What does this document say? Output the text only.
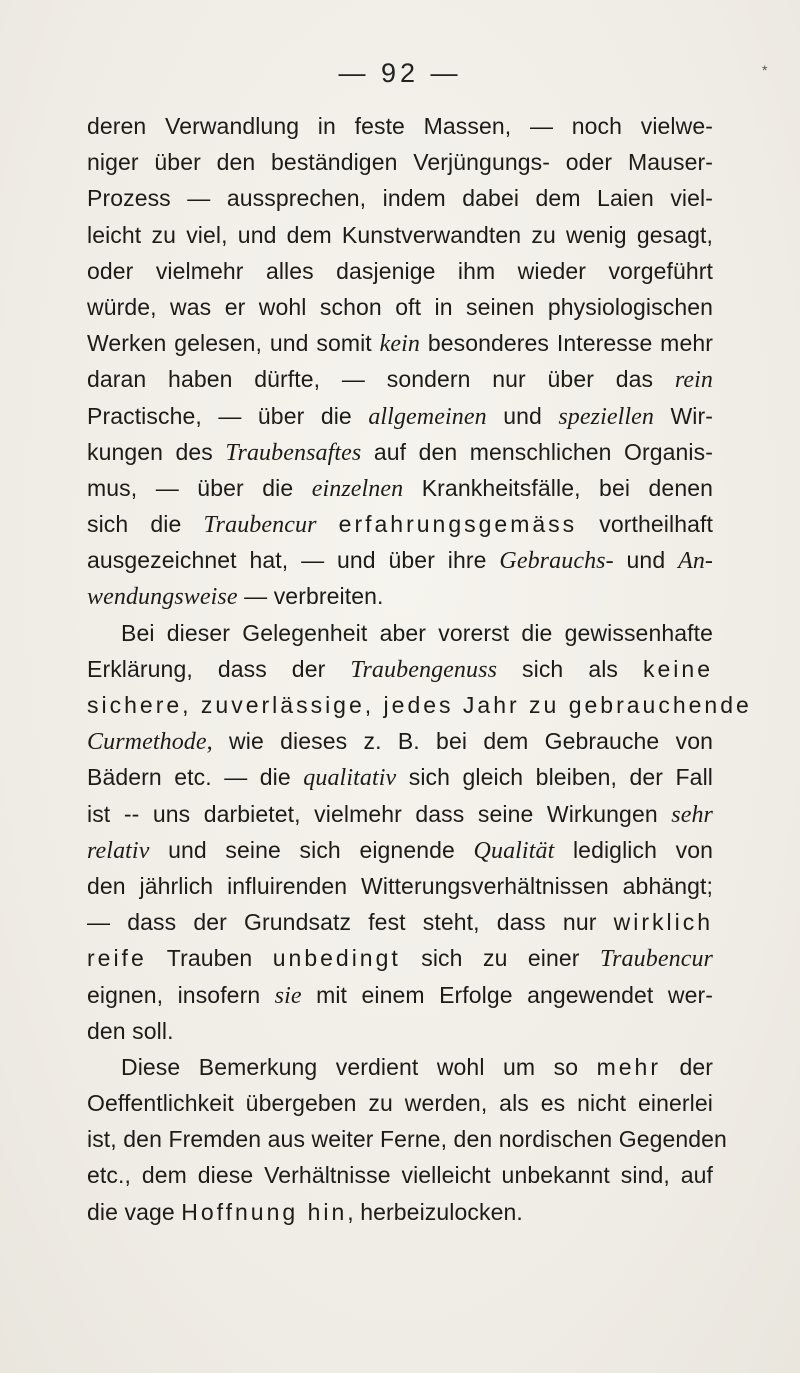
— 92 —	*
deren Verwandlung in feste Massen, — noch vielwe-
niger über den beständigen Verjüngungs- oder Mauser-
Prozess — aussprechen, indem dabei dem Laien viel-
leicht zu viel, und dem Kunstverwandten zu wenig gesagt,
oder vielmehr alles dasjenige ihm wieder vorgeführt
würde, was er wohl schon oft in seinen physiologischen
Werken gelesen, und somit kein besonderes Interesse mehr
daran haben dürfte, — sondern nur über das rein
Practische, — über die allgemeinen und speziellen Wir-
kungen des Traubensaftes auf den menschlichen Organis-
mus, — über die einzelnen Krankheitsfälle, bei denen
sich die Traubencur erfahrungsgemäss vortheilhaft
ausgezeichnet hat, — und über ihre Gebrauchs- und An-
wendungsweise — verbreiten.
Bei dieser Gelegenheit aber vorerst die gewissenhafte
Erklärung, dass der Traubengenuss sich als keine
sichere, zuverlässige, jedes Jahr zu gebrauchende
Curmethode, wie dieses z. B. bei dem Gebrauche von
Bädern etc. — die qualitativ sich gleich bleiben, der Fall
ist -- uns darbietet, vielmehr dass seine Wirkungen sehr
relativ und seine sich eignende Qualität lediglich von
den jährlich influirenden Witterungsverhältnissen abhängt;
— dass der Grundsatz fest steht, dass nur wirklich
reife Trauben unbedingt sich zu einer Traubencur
eignen, insofern sie mit einem Erfolge angewendet wer-
den soll.
Diese Bemerkung verdient wohl um so mehr der
Oeffentlichkeit übergeben zu werden, als es nicht einerlei
ist, den Fremden aus weiter Ferne, den nordischen Gegenden
etc., dem diese Verhältnisse vielleicht unbekannt sind, auf
die vage Hoffnung hin, herbeizulocken.
